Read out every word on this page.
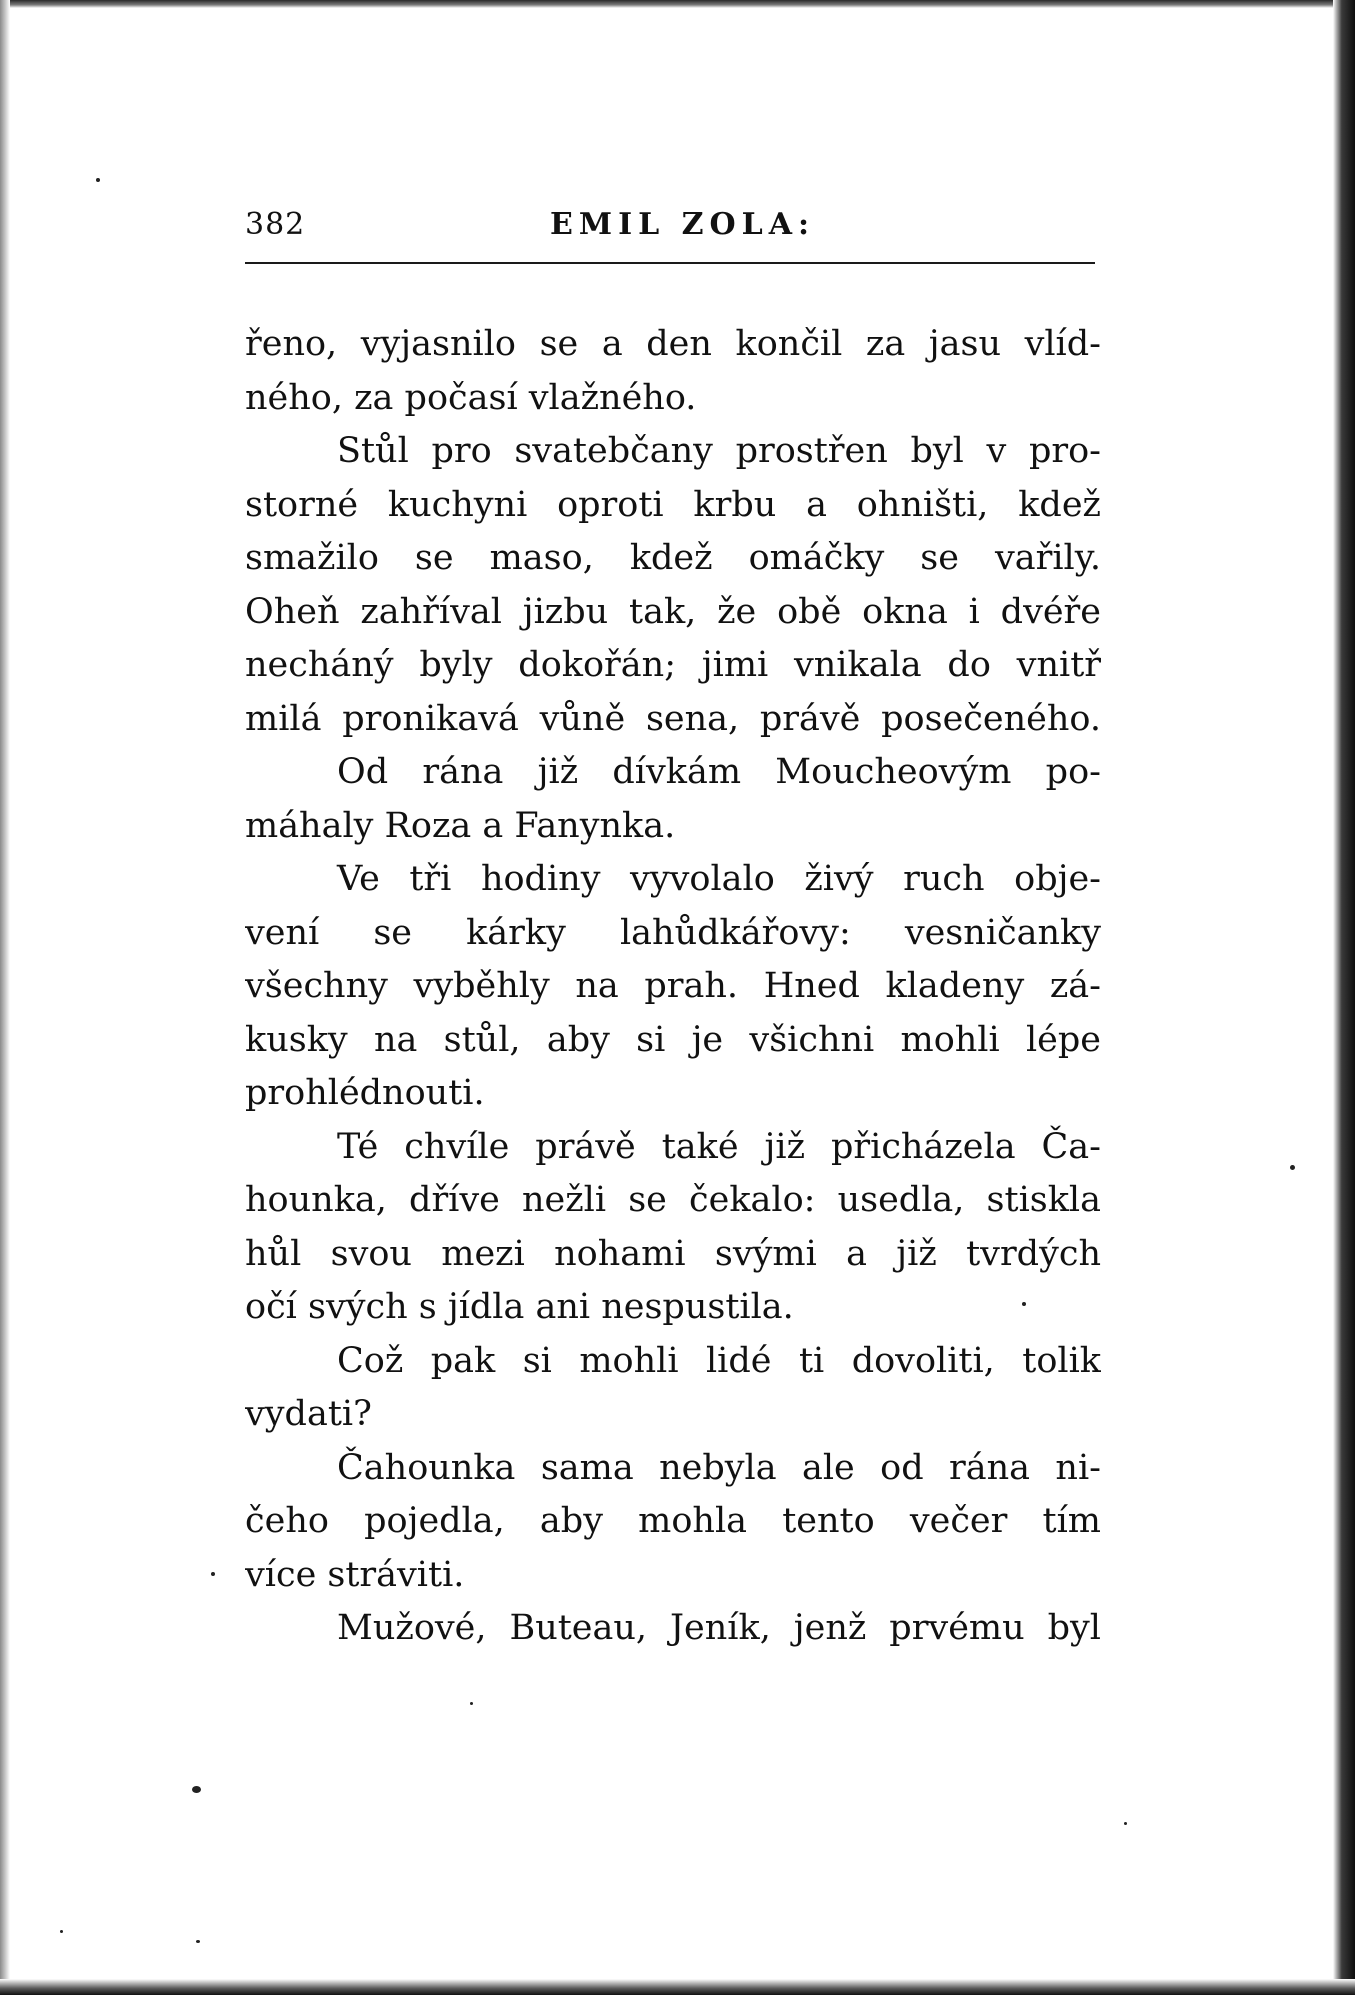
382	EMIL ZOLA:
řeno, vyjasnilo se a den končil za jasu vlíd-
ného, za počasí vlažného.
Stůl pro svatebčany prostřen byl v pro-
storné kuchyni oproti krbu a ohništi, kdež
smažilo se maso, kdež omáčky se vařily.
Oheň zahříval jizbu tak, že obě okna i dvéře
necháný byly dokořán; jimi vnikala do vnitř
milá pronikavá vůně sena, právě posečeného.
Od rána již dívkám Moucheovým po-
máhaly Roza a Fanynka.
Ve tři hodiny vyvolalo živý ruch obje-
vení se kárky lahůdkářovy: vesničanky
všechny vyběhly na prah. Hned kladeny zá-
kusky na stůl, aby si je všichni mohli lépe
prohlédnouti.
Té chvíle právě také již přicházela Ča-
hounka, dříve nežli se čekalo: usedla, stiskla
hůl svou mezi nohami svými a již tvrdých
očí svých s jídla ani nespustila.
Což pak si mohli lidé ti dovoliti, tolik
vydati?
Čahounka sama nebyla ale od rána ni-
čeho pojedla, aby mohla tento večer tím
více stráviti.
Mužové, Buteau, Jeník, jenž prvému byl
